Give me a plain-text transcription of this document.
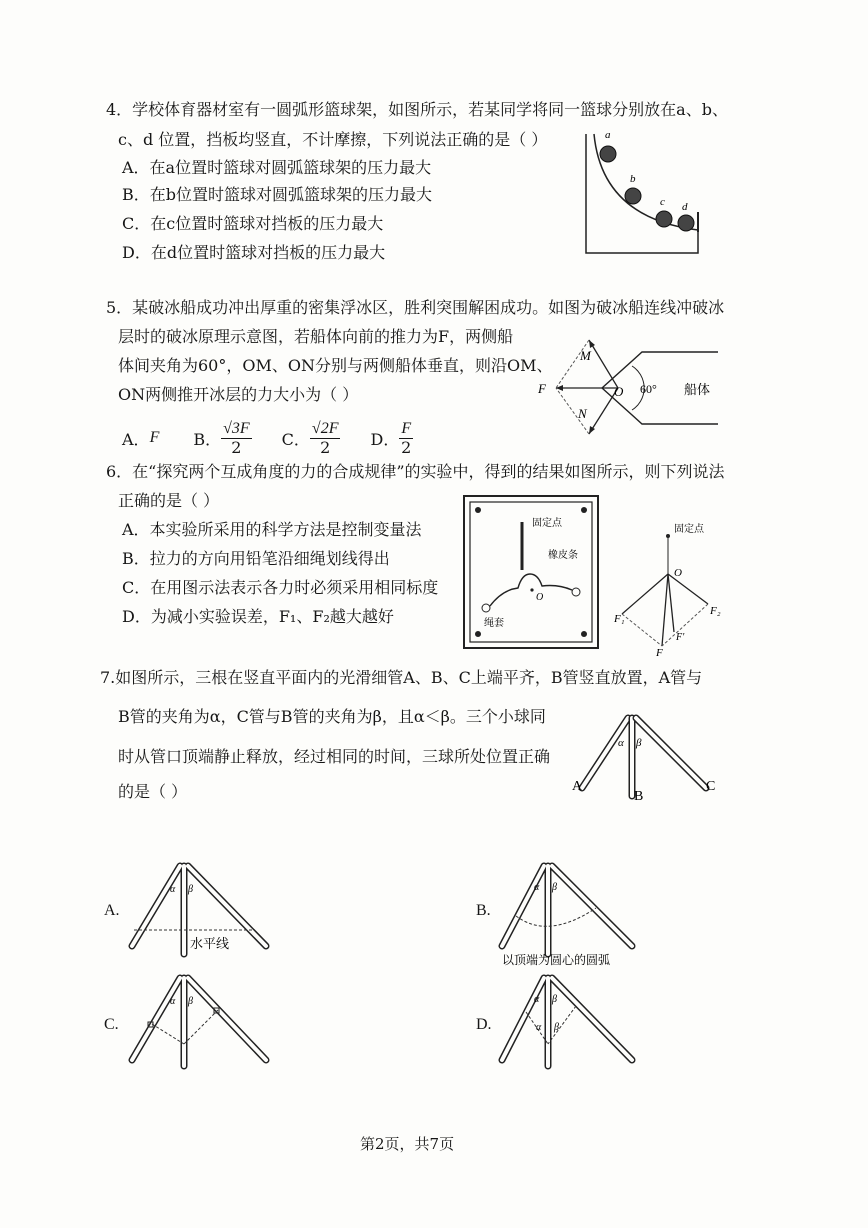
4．学校体育器材室有一圆弧形篮球架，如图所示，若某同学将同一篮球分别放在a、b、
c、d 位置，挡板均竖直，不计摩擦，下列说法正确的是（ ）
A．在a位置时篮球对圆弧篮球架的压力最大
B．在b位置时篮球对圆弧篮球架的压力最大
C．在c位置时篮球对挡板的压力最大
D．在d位置时篮球对挡板的压力最大
a
b
c d
5．某破冰船成功冲出厚重的密集浮冰区，胜利突围解困成功。如图为破冰船连线冲破冰
层时的破冰原理示意图，若船体向前的推力为F，两侧船
体间夹角为60°，OM、ON分别与两侧船体垂直，则沿OM、
ON两侧推开冰层的力大小为（ ）
A． F B． $\frac{√3F}{2}$ C． $\frac{√2F}{2}$ D． $\frac{F}{2}$
M
N
O
F	60° 船体
6．在“探究两个互成角度的力的合成规律”的实验中，得到的结果如图所示，则下列说法
正确的是（ ）
A．本实验所采用的科学方法是控制变量法
B．拉力的方向用铅笔沿细绳划线得出
C．在用图示法表示各力时必须采用相同标度
D．为减小实验误差，F₁、F₂越大越好
固定点
橡皮条
O
绳套
固定点
O
F₁
F₂
F
F'
7.如图所示，三根在竖直平面内的光滑细管A、B、C上端平齐，B管竖直放置，A管与
B管的夹角为α，C管与B管的夹角为β，且α＜β。三个小球同
时从管口顶端静止释放，经过相同的时间，三球所处位置正确
的是（ ）
α β
A
B
C
A.
α β
水平线
B.
α β
以顶端为圆心的圆弧
C.
α β
D.
α β
α β
第2页，共7页
